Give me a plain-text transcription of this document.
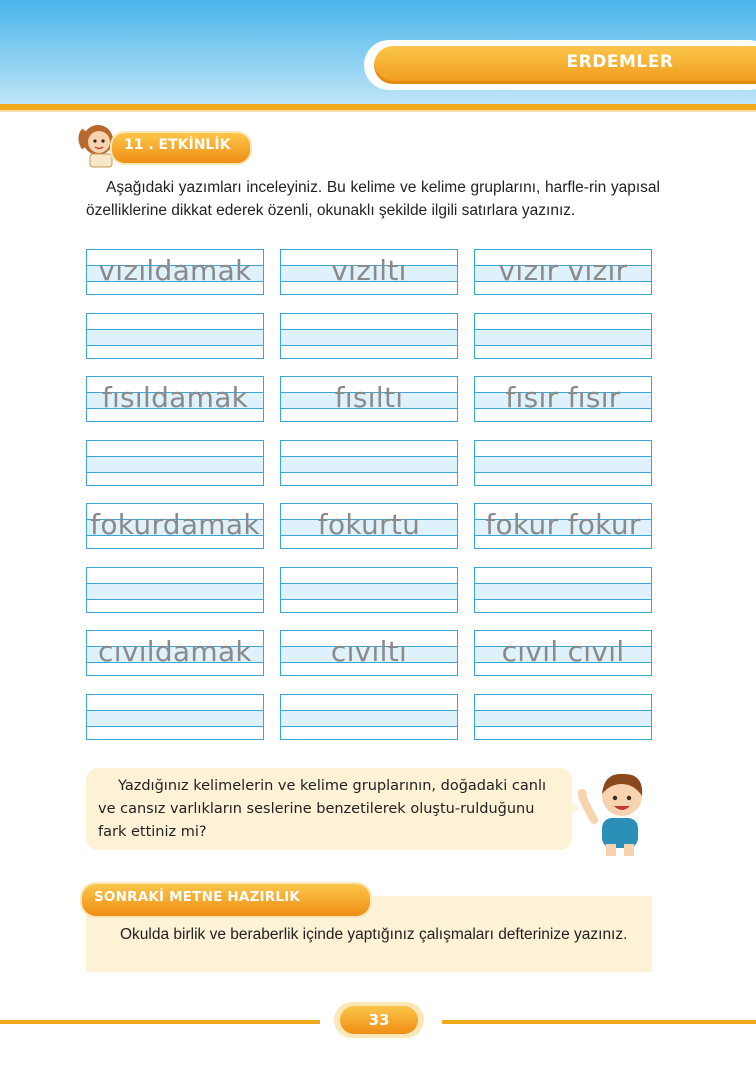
ERDEMLER
11 . ETKİNLİK

Aşağıdaki yazımları inceleyiniz. Bu kelime ve kelime gruplarını, harfle-rin yapısal özelliklerine dikkat ederek özenli, okunaklı şekilde ilgili satırlara yazınız.

vızıldamak	vızıltı	vızır vızır
fısıldamak	fısıltı	fısır fısır
fokurdamak	fokurtu	fokur fokur
cıvıldamak	cıvıltı	cıvıl cıvıl

Yazdığınız kelimelerin ve kelime gruplarının, doğadaki canlı ve cansız varlıkların seslerine benzetilerek oluştu-rulduğunu fark ettiniz mi?

SONRAKİ METNE HAZIRLIK

Okulda birlik ve beraberlik içinde yaptığınız çalışmaları defterinize yazınız.

33
